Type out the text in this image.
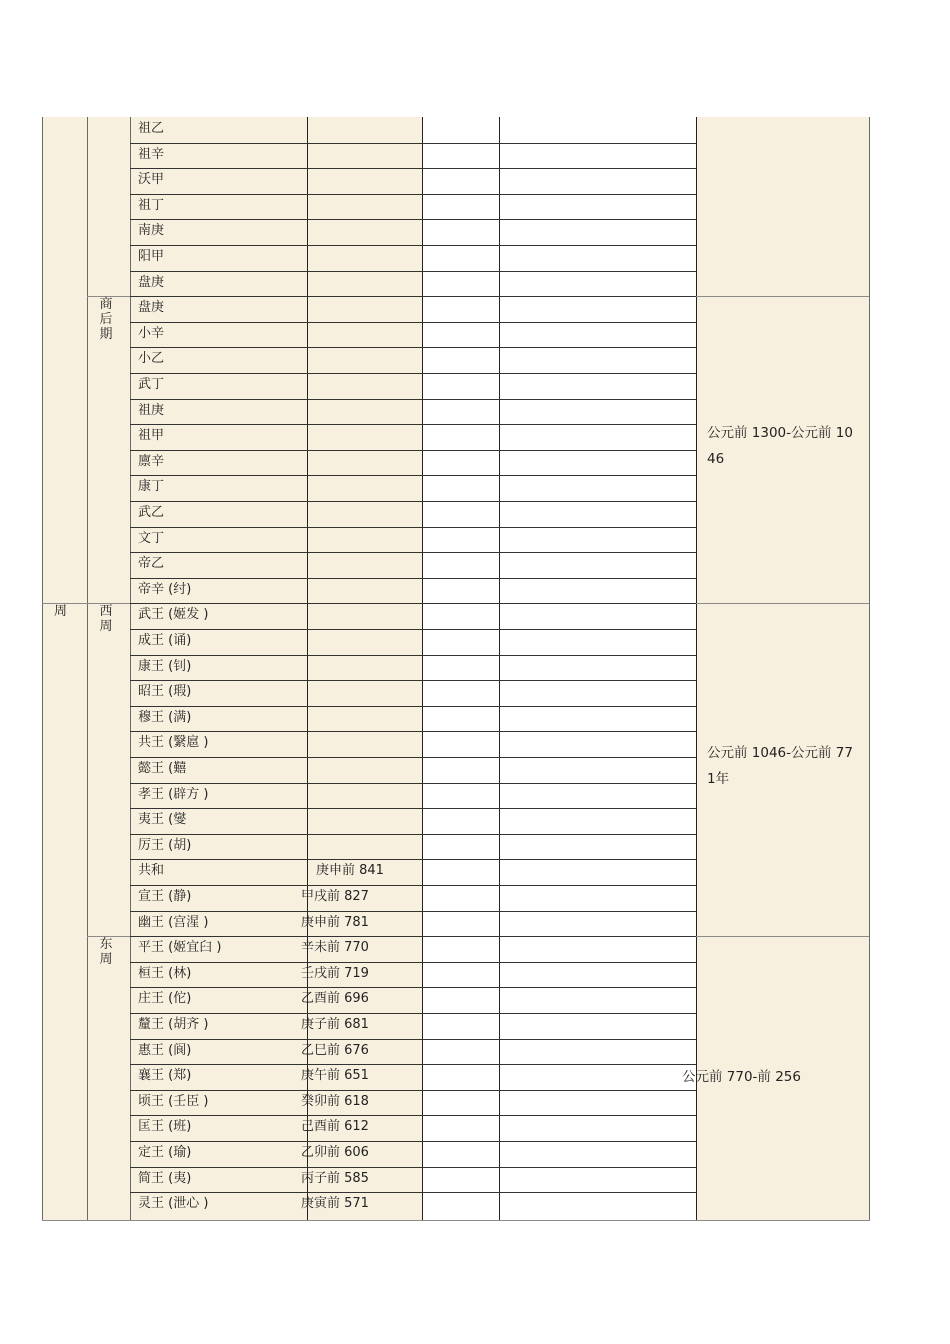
祖乙
祖辛
沃甲
祖丁
南庚
阳甲
盘庚
商后期
公元前 1300-公元前 1046
盘庚
小辛
小乙
武丁
祖庚
祖甲
廪辛
康丁
武乙
文丁
帝乙
帝辛 (纣)
周 西周
公元前 1046-公元前 771年
武王 (姬发 )
成王 (诵)
康王 (钊)
昭王 (瑕)
穆王 (满)
共王 (繄扈 )
懿王 (囏
孝王 (辟方 )
夷王 (燮
厉王 (胡)
共和	庚申前 841
宣王 (静)	甲戌前 827
幽王 (宫湦 )	庚申前 781
东周
公元前 770-前 256
平王 (姬宜臼 )	辛未前 770
桓王 (林)	壬戌前 719
庄王 (佗)	乙酉前 696
釐王 (胡齐 )	庚子前 681
惠王 (阆)	乙巳前 676
襄王 (郑)	庚午前 651
顷王 (壬臣 )	癸卯前 618
匡王 (班)	己酉前 612
定王 (瑜)	乙卯前 606
简王 (夷)	丙子前 585
灵王 (泄心 )	庚寅前 571
